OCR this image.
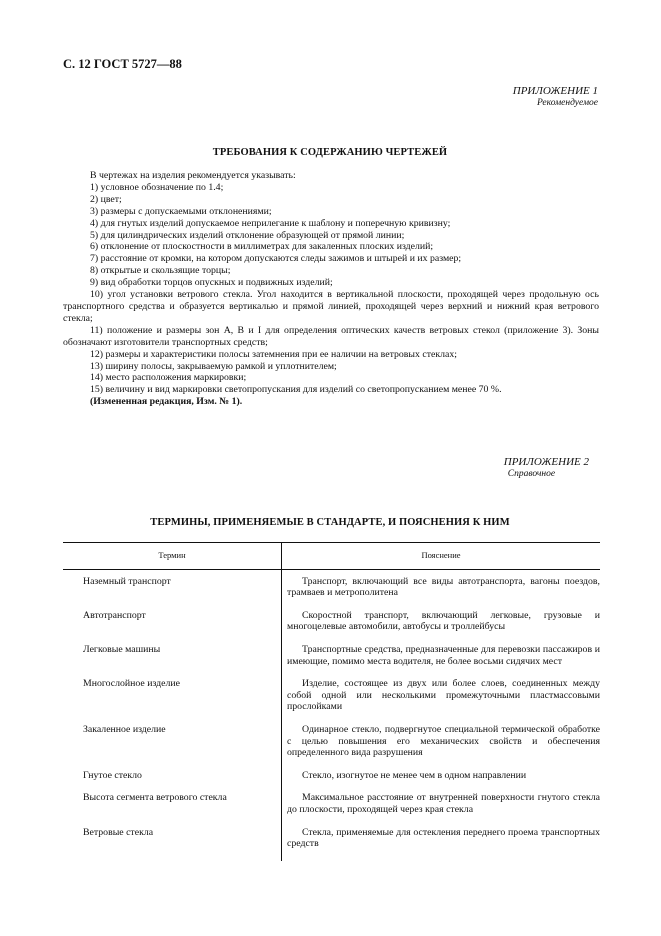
С. 12 ГОСТ 5727—88
ПРИЛОЖЕНИЕ 1
Рекомендуемое
ТРЕБОВАНИЯ К СОДЕРЖАНИЮ ЧЕРТЕЖЕЙ

В чертежах на изделия рекомендуется указывать:

1) условное обозначение по 1.4;

2) цвет;

3) размеры с допускаемыми отклонениями;

4) для гнутых изделий допускаемое неприлегание к шаблону и поперечную кривизну;

5) для цилиндрических изделий отклонение образующей от прямой линии;

6) отклонение от плоскостности в миллиметрах для закаленных плоских изделий;

7) расстояние от кромки, на котором допускаются следы зажимов и штырей и их размер;

8) открытые и скользящие торцы;

9) вид обработки торцов опускных и подвижных изделий;

10) угол установки ветрового стекла. Угол находится в вертикальной плоскости, проходящей через продольную ось транспортного средства и образуется вертикалью и прямой линией, проходящей через верхний и нижний края ветрового стекла;

11) положение и размеры зон А, В и I для определения оптических качеств ветровых стекол (приложение 3). Зоны обозначают изготовители транспортных средств;

12) размеры и характеристики полосы затемнения при ее наличии на ветровых стеклах;

13) ширину полосы, закрываемую рамкой и уплотнителем;

14) место расположения маркировки;

15) величину и вид маркировки светопропускания для изделий со светопропусканием менее 70 %.

(Измененная редакция, Изм. № 1).

ПРИЛОЖЕНИЕ 2
Справочное
ТЕРМИНЫ, ПРИМЕНЯЕМЫЕ В СТАНДАРТЕ, И ПОЯСНЕНИЯ К НИМ
Термин	Пояснение
Наземный транспорт	Транспорт, включающий все виды автотранспорта, вагоны поездов, трамваев и метрополитена
Автотранспорт	Скоростной транспорт, включающий легковые, грузовые и многоцелевые автомобили, автобусы и троллейбусы
Легковые машины	Транспортные средства, предназначенные для перевозки пассажиров и имеющие, помимо места водителя, не более восьми сидячих мест
Многослойное изделие	Изделие, состоящее из двух или более слоев, соединенных между собой одной или несколькими промежуточными пластмассовыми прослойками
Закаленное изделие	Одинарное стекло, подвергнутое специальной термической обработке с целью повышения его механических свойств и обеспечения определенного вида разрушения
Гнутое стекло	Стекло, изогнутое не менее чем в одном направлении
Высота сегмента ветрового стекла	Максимальное расстояние от внутренней поверхности гнутого стекла до плоскости, проходящей через края стекла
Ветровые стекла	Стекла, применяемые для остекления переднего проема транспортных средств
